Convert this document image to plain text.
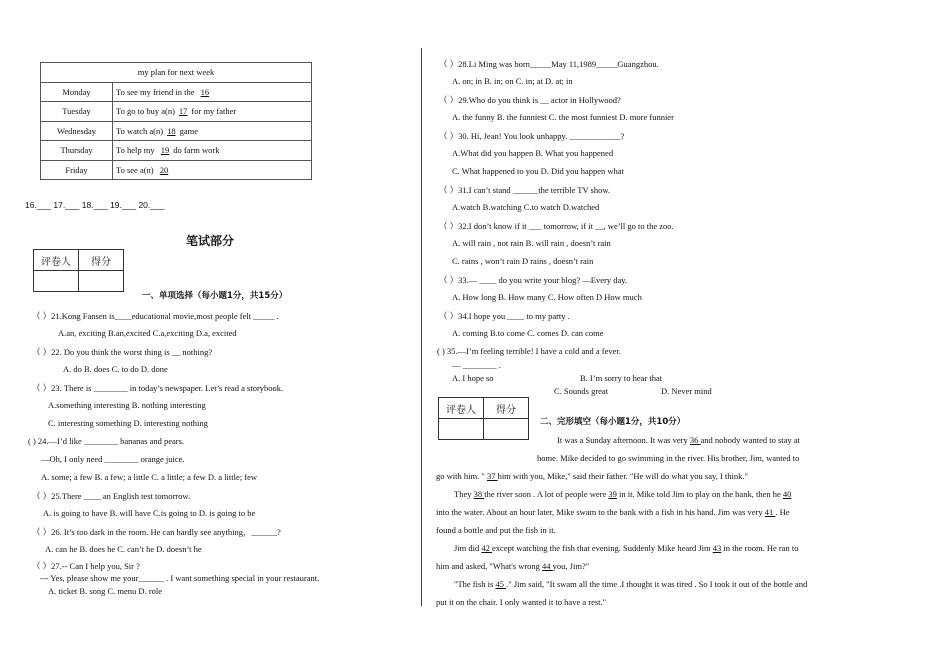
my plan for next week	
Monday	To see my friend in the 16
Tuesday	To go to buy a(n) 17 for my father
Wednesday	To watch a(n) 18 game
Thursday	To help my 19 do farm work
Friday	To see a(n) 20
16.___ 17.___ 18.___ 19.___ 20.___
笔试部分
评卷人	得分

一、单项选择（每小题1分，共15分）
评卷人	得分

二、完形填空（每小题1分，共10分）
（ ）21.Kong Fansen is____educational movie,most people felt _____ .
A.an, exciting B.an,excited C.a,exciting D.a, excited
（ ）22. Do you think the worst thing is __ nothing?
A. do B. does C. to do D. done
（ ）23. There is ________ in today’s newspaper. Let’s read a storybook.
A.something interesting B. nothing interesting
C. interesting something D. interesting nothing
( ) 24.—I’d like ________ bananas and pears.
—Oh, I only need ________ orange juice.
A. some; a few B. a few; a little C. a little; a few D. a little; few
（ ）25.There ____ an English test tomorrow.
A. is going to have B. will have C.is going to D. is going to be
（ ）26. It’s too dark in the room. He can hardly see anything，______?
A. can he B. does he C. can’t he D. doesn’t he
（ ）27.-- Can I help you, Sir ?
--- Yes, please show me your______ . I want something special in your restaurant.
A. ticket B. song C. menu D. role
（ ）28.Li Ming was born_____May 11,1989_____Guangzhou.
A. on; in B. in; on C. in; at D. at; in
（ ）29.Who do you think is __ actor in Hollywood?
A. the funny B. the funniest C. the most funniest D. more funnier
（ ）30. Hi, Jean! You look unhappy. ____________?
A.What did you happen B. What you happened
C. What happened to you D. Did you happen what
（ ）31.I can’t stand ______the terrible TV show.
A.watch B.watching C.to watch D.watched
（ ）32.I don’t know if it ___ tomorrow, if it __, we’ll go to the zoo.
A. will rain , not rain B. will rain , doesn’t rain
C. rains , won’t rain D rains , doesn’t rain
（ ）33.— ____ do you write your blog? —Every day.
A. How long B. How many C. How often D How much
（ ）34.I hope you ____ to my party .
A. coming B.to come C. comes D. can come
( ) 35.—I’m feeling terrible! I have a cold and a fever.
— ________ .
A. I hope so	B. I’m sorry to hear that
C. Sounds great	D. Never mind
It was a Sunday afternoon. It was very 36 and nobody wanted to stay at
home. Mike decided to go swimming in the river. His brother, Jim, wanted to
go with him. " 37 him with you, Mike," said their father. "He will do what you say, I think."
They 38 the river soon . A lot of people were 39 in it. Mike told Jim to play on the bank, then he 40
into the water. About an hour later, Mike swam to the bank with a fish in his hand. Jim was very 41 . He
found a bottle and put the fish in it.
Jim did 42 except watching the fish that evening. Suddenly Mike heard Jim 43 in the room. He ran to
him and asked, "What's wrong 44 you, Jim?"
"The fish is 45 ." Jim said, "It swam all the time .I thought it was tired . So I took it out of the bottle and
put it on the chair. I only wanted it to have a rest."
